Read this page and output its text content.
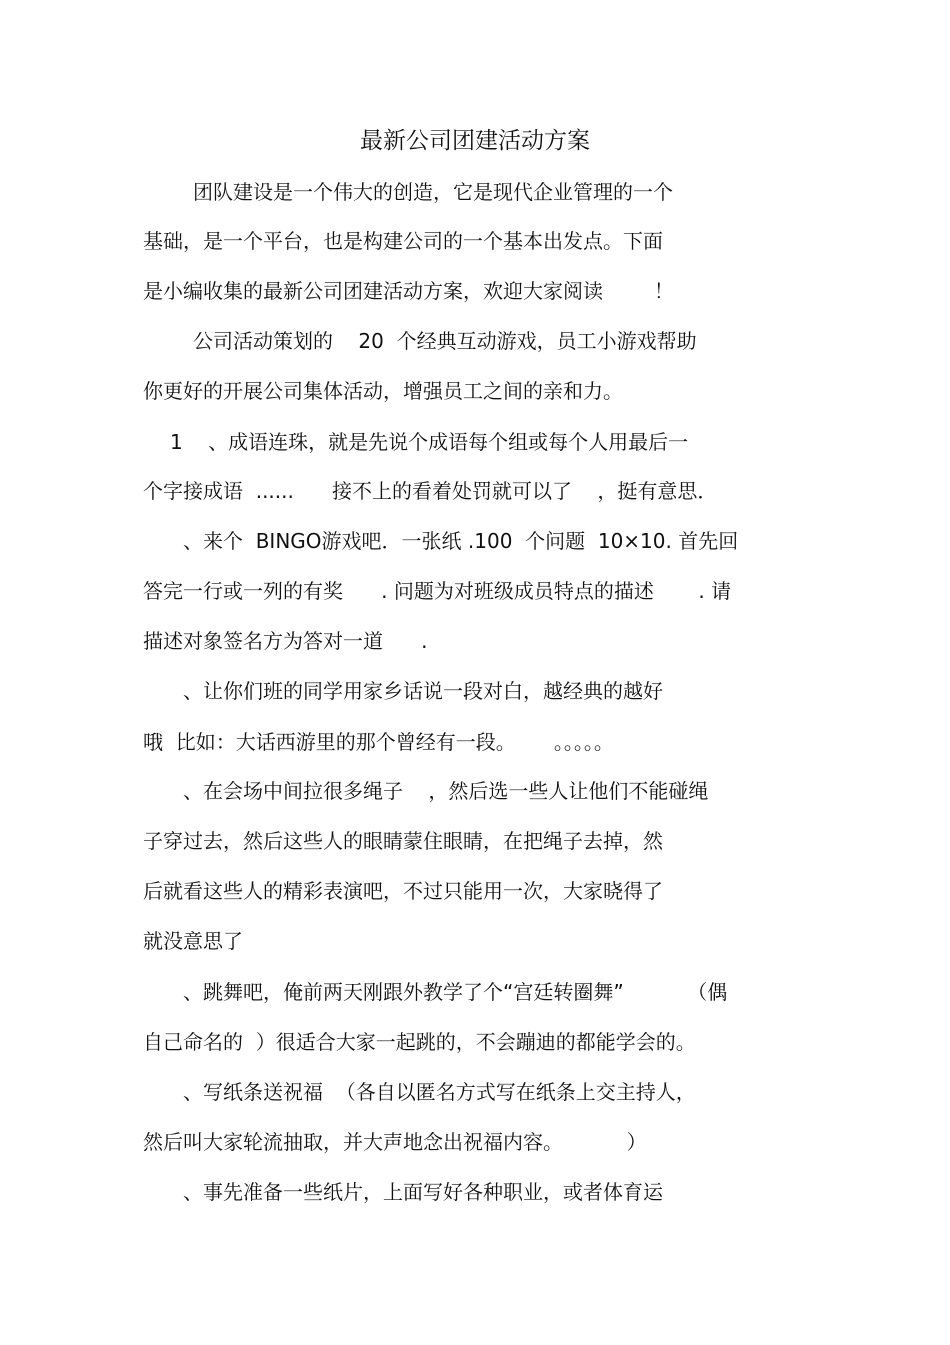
最新公司团建活动方案
团队建设是一个伟大的创造，它是现代企业管理的一个
基础，是一个平台，也是构建公司的一个基本出发点。下面
是小编收集的最新公司团建活动方案，欢迎大家阅读        ！
公司活动策划的    20  个经典互动游戏，员工小游戏帮助
你更好的开展公司集体活动，增强员工之间的亲和力。
1    、成语连珠，就是先说个成语每个组或每个人用最后一
个字接成语  ......      接不上的看着处罚就可以了    ，挺有意思．
、来个  BINGO游戏吧．一张纸 .100  个问题  10×10. 首先回
答完一行或一列的有奖      . 问题为对班级成员特点的描述       . 请
描述对象签名方为答对一道      .
、让你们班的同学用家乡话说一段对白，越经典的越好
哦  比如：大话西游里的那个曾经有一段。      。。。。。
、在会场中间拉很多绳子    ，然后选一些人让他们不能碰绳
子穿过去，然后这些人的眼睛蒙住眼睛，在把绳子去掉，然
后就看这些人的精彩表演吧，不过只能用一次，大家晓得了
就没意思了
、跳舞吧，俺前两天刚跟外教学了个“宫廷转圈舞”          （偶
自己命名的  ）很适合大家一起跳的，不会蹦迪的都能学会的。
、写纸条送祝福  （各自以匿名方式写在纸条上交主持人，
然后叫大家轮流抽取，并大声地念出祝福内容。          ）
、事先准备一些纸片，上面写好各种职业，或者体育运
